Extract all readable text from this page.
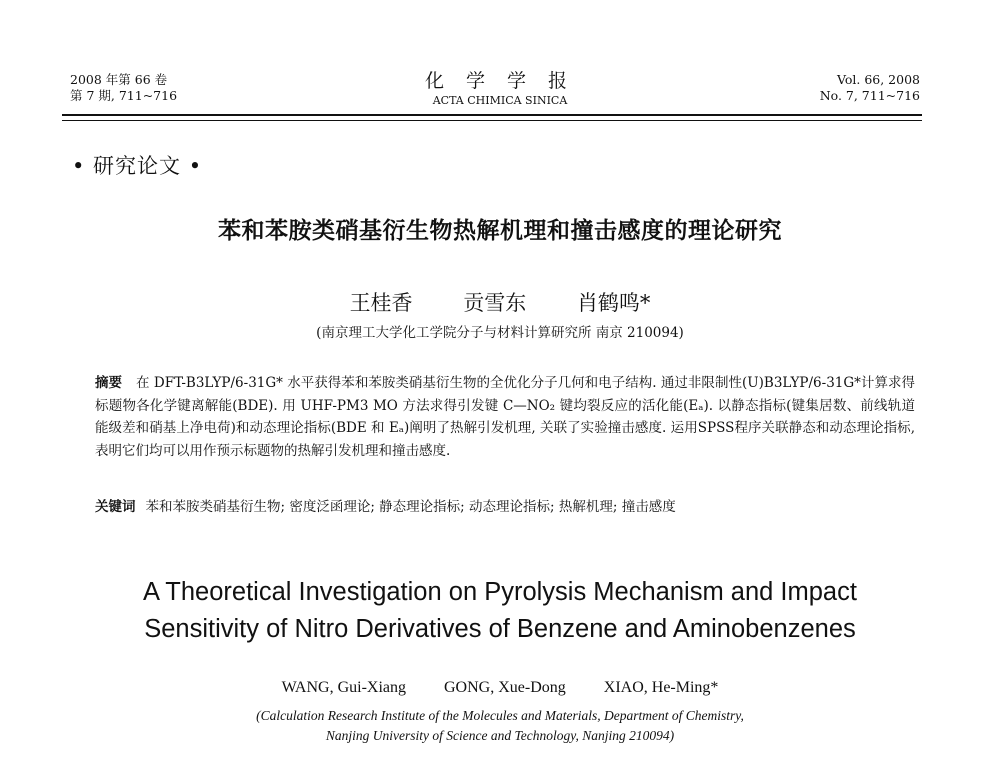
2008 年第 66 卷
第 7 期, 711~716
化 学 学 报
ACTA CHIMICA SINICA
Vol. 66, 2008
No. 7, 711~716
• 研究论文 •
苯和苯胺类硝基衍生物热解机理和撞击感度的理论研究
王桂香 贡雪东 肖鹤鸣*
(南京理工大学化工学院分子与材料计算研究所 南京 210094)
摘要 在 DFT-B3LYP/6-31G* 水平获得苯和苯胺类硝基衍生物的全优化分子几何和电子结构. 通过非限制性(U)B3LYP/6-31G*计算求得标题物各化学键离解能(BDE). 用 UHF-PM3 MO 方法求得引发键 C—NO₂ 键均裂反应的活化能(Eₐ). 以静态指标(键集居数、前线轨道能级差和硝基上净电荷)和动态理论指标(BDE 和 Eₐ)阐明了热解引发机理, 关联了实验撞击感度. 运用SPSS程序关联静态和动态理论指标, 表明它们均可以用作预示标题物的热解引发机理和撞击感度.
关键词 苯和苯胺类硝基衍生物; 密度泛函理论; 静态理论指标; 动态理论指标; 热解机理; 撞击感度
A Theoretical Investigation on Pyrolysis Mechanism and Impact
Sensitivity of Nitro Derivatives of Benzene and Aminobenzenes
WANG, Gui-Xiang GONG, Xue-Dong XIAO, He-Ming*
(Calculation Research Institute of the Molecules and Materials, Department of Chemistry,
Nanjing University of Science and Technology, Nanjing 210094)
